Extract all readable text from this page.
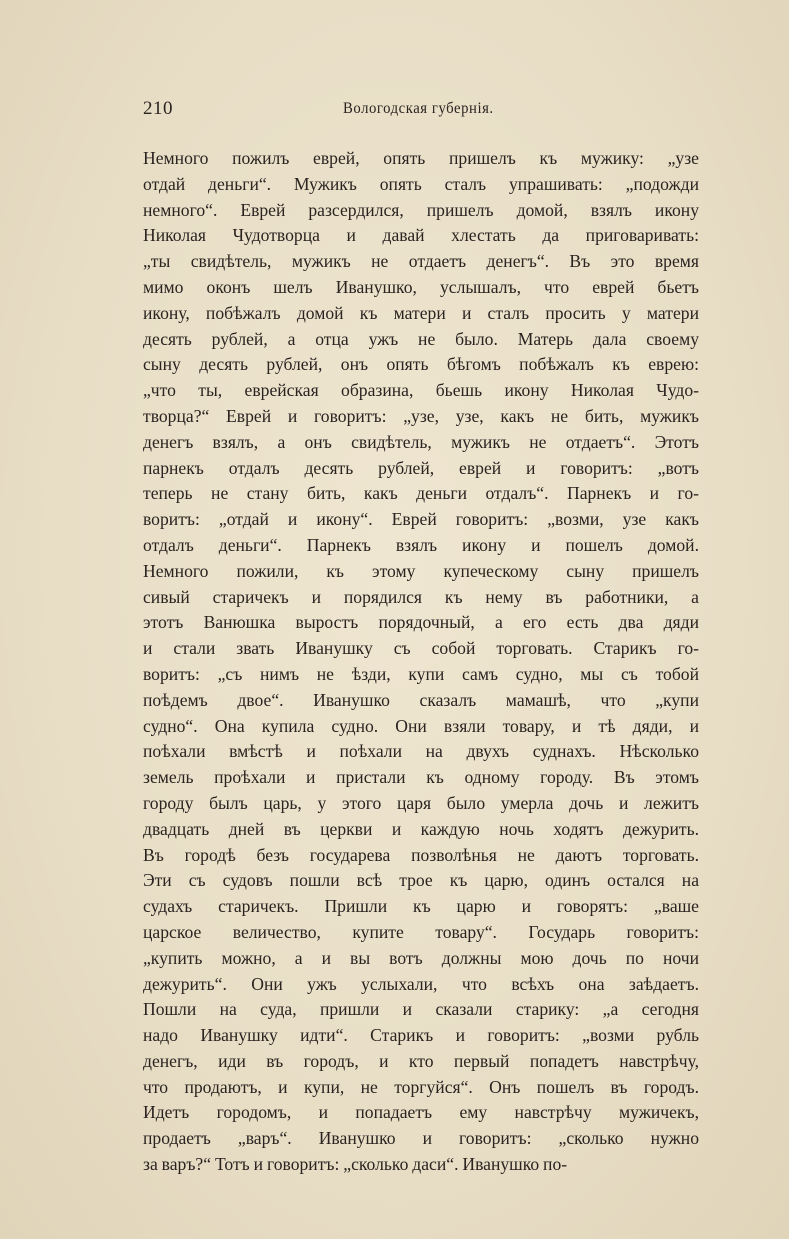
210	Вологодская губернія.
Немного пожилъ еврей, опять пришелъ къ мужику: „узе
отдай деньги“. Мужикъ опять сталъ упрашивать: „подожди
немного“. Еврей разсердился, пришелъ домой, взялъ икону
Николая Чудотворца и давай хлестать да приговаривать:
„ты свидѣтель, мужикъ не отдаетъ денегъ“. Въ это время
мимо оконъ шелъ Иванушко, услышалъ, что еврей бьетъ
икону, побѣжалъ домой къ матери и сталъ просить у матери
десять рублей, а отца ужъ не было. Матерь дала своему
сыну десять рублей, онъ опять бѣгомъ побѣжалъ къ еврею:
„что ты, еврейская образина, бьешь икону Николая Чудо-
творца?“ Еврей и говоритъ: „узе, узе, какъ не бить, мужикъ
денегъ взялъ, а онъ свидѣтель, мужикъ не отдаетъ“. Этотъ
парнекъ отдалъ десять рублей, еврей и говоритъ: „вотъ
теперь не стану бить, какъ деньги отдалъ“. Парнекъ и го-
воритъ: „отдай и икону“. Еврей говоритъ: „возми, узе какъ
отдалъ деньги“. Парнекъ взялъ икону и пошелъ домой.
Немного пожили, къ этому купеческому сыну пришелъ
сивый старичекъ и порядился къ нему въ работники, а
этотъ Ванюшка выростъ порядочный, а его есть два дяди
и стали звать Иванушку съ собой торговать. Старикъ го-
воритъ: „съ нимъ не ѣзди, купи самъ судно, мы съ тобой
поѣдемъ двое“. Иванушко сказалъ мамашѣ, что „купи
судно“. Она купила судно. Они взяли товару, и тѣ дяди, и
поѣхали вмѣстѣ и поѣхали на двухъ суднахъ. Нѣсколько
земель проѣхали и пристали къ одному городу. Въ этомъ
городу былъ царь, у этого царя было умерла дочь и лежитъ
двадцать дней въ церкви и каждую ночь ходятъ дежурить.
Въ городѣ безъ государева позволѣнья не даютъ торговать.
Эти съ судовъ пошли всѣ трое къ царю, одинъ остался на
судахъ старичекъ. Пришли къ царю и говорятъ: „ваше
царское величество, купите товару“. Государь говоритъ:
„купить можно, а и вы вотъ должны мою дочь по ночи
дежурить“. Они ужъ услыхали, что всѣхъ она заѣдаетъ.
Пошли на суда, пришли и сказали старику: „а сегодня
надо Иванушку идти“. Старикъ и говоритъ: „возми рубль
денегъ, иди въ городъ, и кто первый попадетъ навстрѣчу,
что продаютъ, и купи, не торгуйся“. Онъ пошелъ въ городъ.
Идетъ городомъ, и попадаетъ ему навстрѣчу мужичекъ,
продаетъ „варъ“. Иванушко и говоритъ: „сколько нужно
за варъ?“ Тотъ и говоритъ: „сколько даси“. Иванушко по-
